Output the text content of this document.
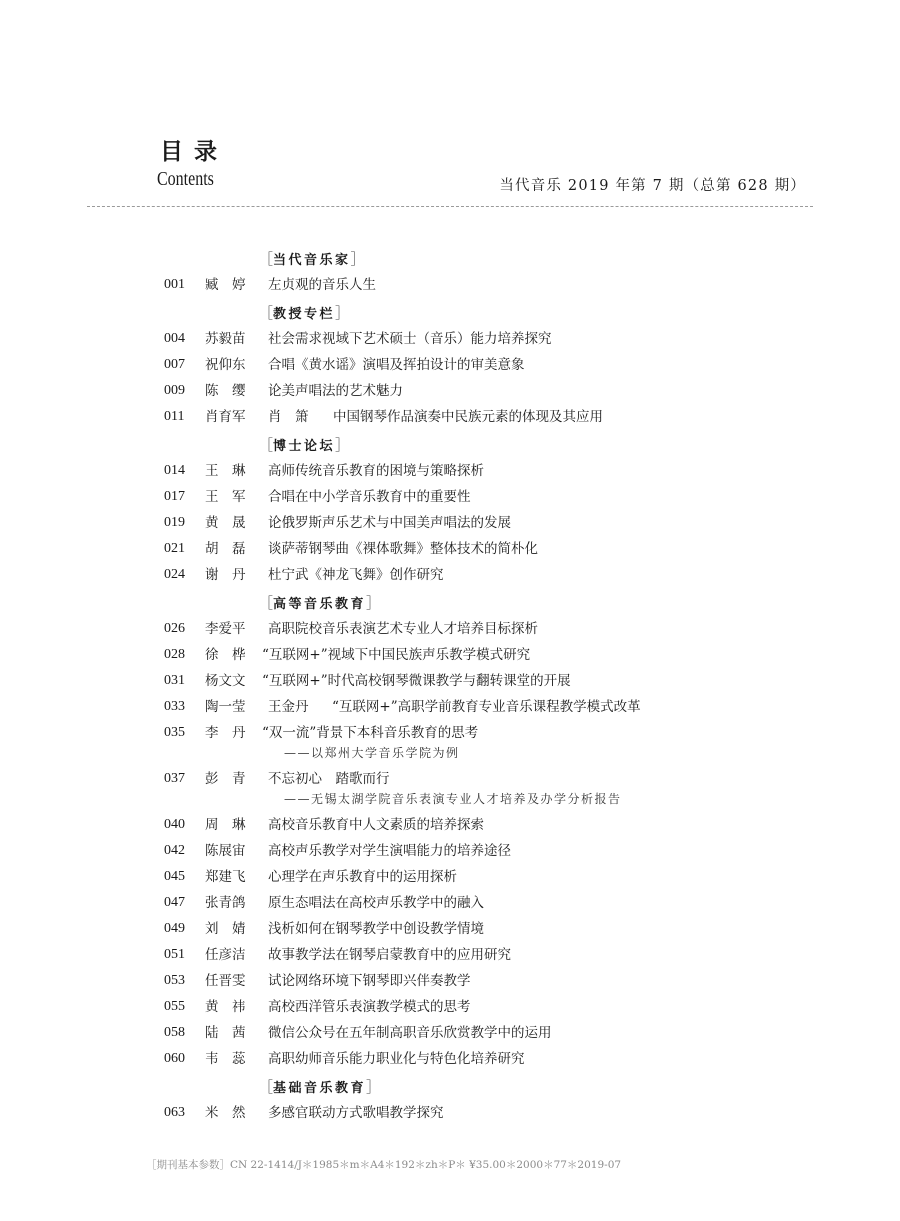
目录
Contents	当代音乐 2019 年第 7 期（总第 628 期）
［当代音乐家］
001 臧　婷 左贞观的音乐人生
［教授专栏］
004 苏毅苗 社会需求视域下艺术硕士（音乐）能力培养探究
007 祝仰东 合唱《黄水谣》演唱及挥拍设计的审美意象
009 陈　缨 论美声唱法的艺术魅力
011 肖育军 肖　箫 中国钢琴作品演奏中民族元素的体现及其应用
［博士论坛］
014 王　琳 高师传统音乐教育的困境与策略探析
017 王　军 合唱在中小学音乐教育中的重要性
019 黄　晟 论俄罗斯声乐艺术与中国美声唱法的发展
021 胡　磊 谈萨蒂钢琴曲《裸体歌舞》整体技术的简朴化
024 谢　丹 杜宁武《神龙飞舞》创作研究
［高等音乐教育］
026 李爱平 高职院校音乐表演艺术专业人才培养目标探析
028 徐　桦 “互联网+”视域下中国民族声乐教学模式研究
031 杨文文 “互联网+”时代高校钢琴微课教学与翻转课堂的开展
033 陶一莹 王金丹 “互联网+”高职学前教育专业音乐课程教学模式改革
035 李　丹 “双一流”背景下本科音乐教育的思考
——以郑州大学音乐学院为例
037 彭　青 不忘初心　踏歌而行
——无锡太湖学院音乐表演专业人才培养及办学分析报告
040 周　琳 高校音乐教育中人文素质的培养探索
042 陈展宙 高校声乐教学对学生演唱能力的培养途径
045 郑建飞 心理学在声乐教育中的运用探析
047 张青鸽 原生态唱法在高校声乐教学中的融入
049 刘　婧 浅析如何在钢琴教学中创设教学情境
051 任彦洁 故事教学法在钢琴启蒙教育中的应用研究
053 任晋雯 试论网络环境下钢琴即兴伴奏教学
055 黄　祎 高校西洋管乐表演教学模式的思考
058 陆　茜 微信公众号在五年制高职音乐欣赏教学中的运用
060 韦　蕊 高职幼师音乐能力职业化与特色化培养研究
［基础音乐教育］
063 米　然 多感官联动方式歌唱教学探究
［期刊基本参数］CN 22-1414/J＊1985＊m＊A4＊192＊zh＊P＊ ¥35.00＊2000＊77＊2019-07
